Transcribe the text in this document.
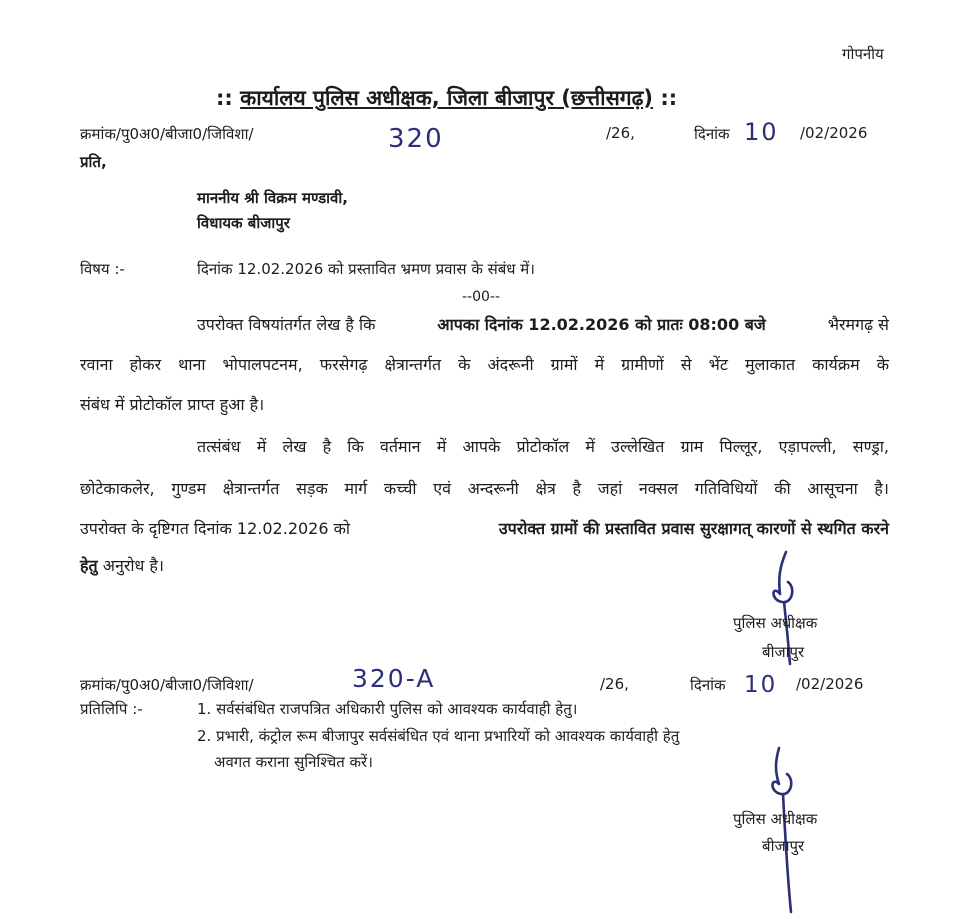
गोपनीय
:: कार्यालय पुलिस अधीक्षक, जिला बीजापुर (छत्तीसगढ़) ::
क्रमांक/पु0अ0/बीजा0/जिविशा/	320	/26,	दिनांक 10 /02/2026
प्रति,
माननीय श्री विक्रम मण्डावी,
विधायक बीजापुर
विषय :-	दिनांक 12.02.2026 को प्रस्तावित भ्रमण प्रवास के संबंध में।
--00--
उपरोक्त विषयांतर्गत लेख है कि	आपका दिनांक 12.02.2026 को प्रातः 08:00 बजे	भैरमगढ़ से
रवाना होकर थाना भोपालपटनम, फरसेगढ़ क्षेत्रान्तर्गत के अंदरूनी ग्रामों में ग्रामीणों से भेंट मुलाकात कार्यक्रम के
संबंध में प्रोटोकॉल प्राप्त हुआ है।
तत्संबंध में लेख है कि वर्तमान में आपके प्रोटोकॉल में उल्लेखित ग्राम पिल्लूर, एड़ापल्ली, सण्ड्रा,
छोटेकाकलेर, गुण्डम क्षेत्रान्तर्गत सड़क मार्ग कच्ची एवं अन्दरूनी क्षेत्र है जहां नक्सल गतिविधियों की आसूचना है।
उपरोक्त के दृष्टिगत दिनांक 12.02.2026 को	उपरोक्त ग्रामों की प्रस्तावित प्रवास सुरक्षागत् कारणों से स्थगित करने
हेतु अनुरोध है।
पुलिस अधीक्षक
बीजापुर
क्रमांक/पु0अ0/बीजा0/जिविशा/	320-A	/26,	दिनांक 10 /02/2026
प्रतिलिपि :-	1. सर्वसंबंधित राजपत्रित अधिकारी पुलिस को आवश्यक कार्यवाही हेतु।
2. प्रभारी, कंट्रोल रूम बीजापुर सर्वसंबंधित एवं थाना प्रभारियों को आवश्यक कार्यवाही हेतु
अवगत कराना सुनिश्चित करें।
पुलिस अधीक्षक
बीजापुर
